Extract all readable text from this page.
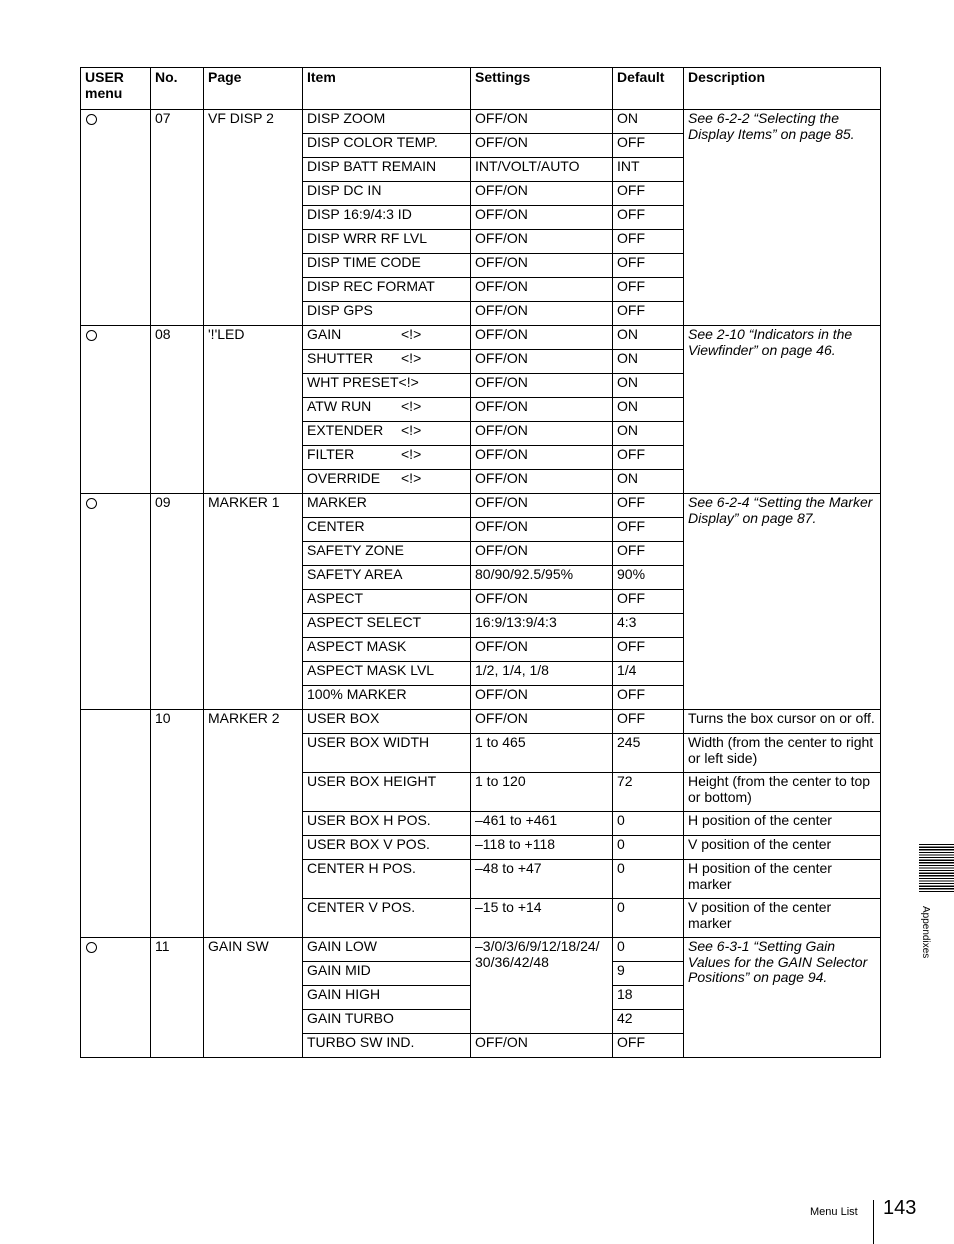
USER menu	No.	Page	Item	Settings	Default	Description
	07	VF DISP 2	DISP ZOOM	OFF/ON	ON	See 6-2-2 “Selecting the Display Items” on page 85.
			DISP COLOR TEMP.	OFF/ON	OFF	
			DISP BATT REMAIN	INT/VOLT/AUTO	INT	
			DISP DC IN	OFF/ON	OFF	
			DISP 16:9/4:3 ID	OFF/ON	OFF	
			DISP WRR RF LVL	OFF/ON	OFF	
			DISP TIME CODE	OFF/ON	OFF	
			DISP REC FORMAT	OFF/ON	OFF	
			DISP GPS	OFF/ON	OFF	
	08	'!'LED	GAIN <!>	OFF/ON	ON	See 2-10 “Indicators in the Viewfinder” on page 46.
			SHUTTER <!>	OFF/ON	ON	
			WHT PRESET<!>	OFF/ON	ON	
			ATW RUN <!>	OFF/ON	ON	
			EXTENDER <!>	OFF/ON	ON	
			FILTER <!>	OFF/ON	OFF	
			OVERRIDE <!>	OFF/ON	ON	
	09	MARKER 1	MARKER	OFF/ON	OFF	See 6-2-4 “Setting the Marker Display” on page 87.
			CENTER	OFF/ON	OFF	
			SAFETY ZONE	OFF/ON	OFF	
			SAFETY AREA	80/90/92.5/95%	90%	
			ASPECT	OFF/ON	OFF	
			ASPECT SELECT	16:9/13:9/4:3	4:3	
			ASPECT MASK	OFF/ON	OFF	
			ASPECT MASK LVL	1/2, 1/4, 1/8	1/4	
			100% MARKER	OFF/ON	OFF	
	10	MARKER 2	USER BOX	OFF/ON	OFF	Turns the box cursor on or off.
			USER BOX WIDTH	1 to 465	245	Width (from the center to right or left side)
			USER BOX HEIGHT	1 to 120	72	Height (from the center to top or bottom)
			USER BOX H POS.	–461 to +461	0	H position of the center
			USER BOX V POS.	–118 to +118	0	V position of the center
			CENTER H POS.	–48 to +47	0	H position of the center marker
			CENTER V POS.	–15 to +14	0	V position of the center marker
	11	GAIN SW	GAIN LOW	–3/0/3/6/9/12/18/24/ 30/36/42/48	0	See 6-3-1 “Setting Gain Values for the GAIN Selector Positions” on page 94.
			GAIN MID		9	
			GAIN HIGH		18	
			GAIN TURBO		42	
			TURBO SW IND.	OFF/ON	OFF	
Appendixes
Menu List 143
